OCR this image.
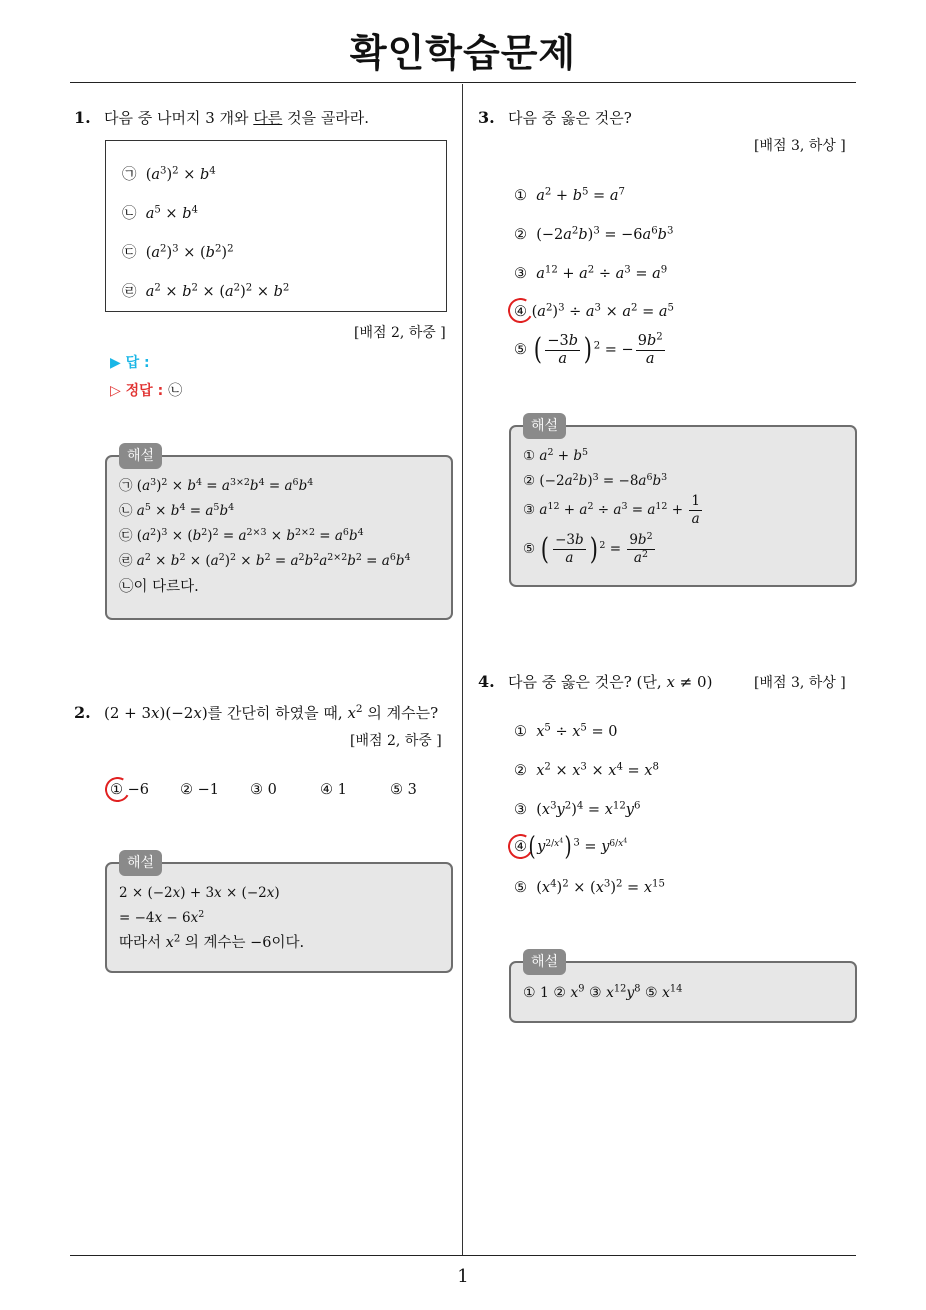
확인학습문제
1
1. 다음 중 나머지 3 개와 다른 것을 골라라.
㉠  $(a^3)^2 \times b^4$
㉡ $a^5 \times b^4$
㉢  $(a^2)^3 \times (b^2)^2$
㉣ $a^2 \times b^2 \times (a^2)^2 \times b^2$
[배점 2, 하중 ]
▶ 답 :
▷ 정답 : ㉡
해설
㉠ $(a^3)^2 \times b^4 = a^{3\times 2}b^4 = a^6b^4$
㉡ $a^5 \times b^4 = a^5b^4$
㉢ $(a^2)^3 \times (b^2)^2 = a^{2\times 3} \times b^{2\times 2} = a^6b^4$
㉣ $a^2 \times b^2 \times (a^2)^2 \times b^2 = a^2b^2a^{2\times 2}b^2 = a^6b^4$
㉡이 다르다.
2. (2 + 3x)(−2x)를 간단히 하였을 때, $x^2$ 의 계수는?
[배점 2, 하중 ]
① −6 ② −1 ③ 0	④ 1	⑤ 3
해설
2 × (−2x) + 3x × (−2x)
= $-4x - 6x^2$
따라서 $x^2$ 의 계수는 −6이다.
3. 다음 중 옳은 것은?
[배점 3, 하상 ]
① $a^2 + b^5 = a^7$
②  $(-2a^2b)^3 = -6a^6b^3$
③ $a^{12} + a^2 \div a^3 = a^9$
④ $(a^2)^3 \div a^3 \times a^2 = a^5$
⑤ ( $\frac{-3b}{a}$ ) $^2$ = − $\frac{9b^2}{a}$
해설
① $a^2 + b^5$
② $(-2a^2b)^3 = -8a^6b^3$
③ $a^{12} + a^2 \div a^3 = a^{12} + \frac{1}{a}$
⑤ ( $\frac{-3b}{a}$ ) $^2 = \frac{9b^2}{a^2}$
4. 다음 중 옳은 것은? (단, x ≠ 0)	[배점 3, 하상 ]
① $x^5 \div x^5 = 0$
② $x^2 \times x^3 \times x^4 = x^8$
③  $(x^3y^2)^4 = x^{12}y^6$
④( $y^{2/x^4}$) $^3 = y^{6/x^4}$
⑤  $(x^4)^2 \times (x^3)^2 = x^{15}$
해설
① 1 ② $x^9$ ③ $x^{12}y^8$ ⑤ $x^{14}$
